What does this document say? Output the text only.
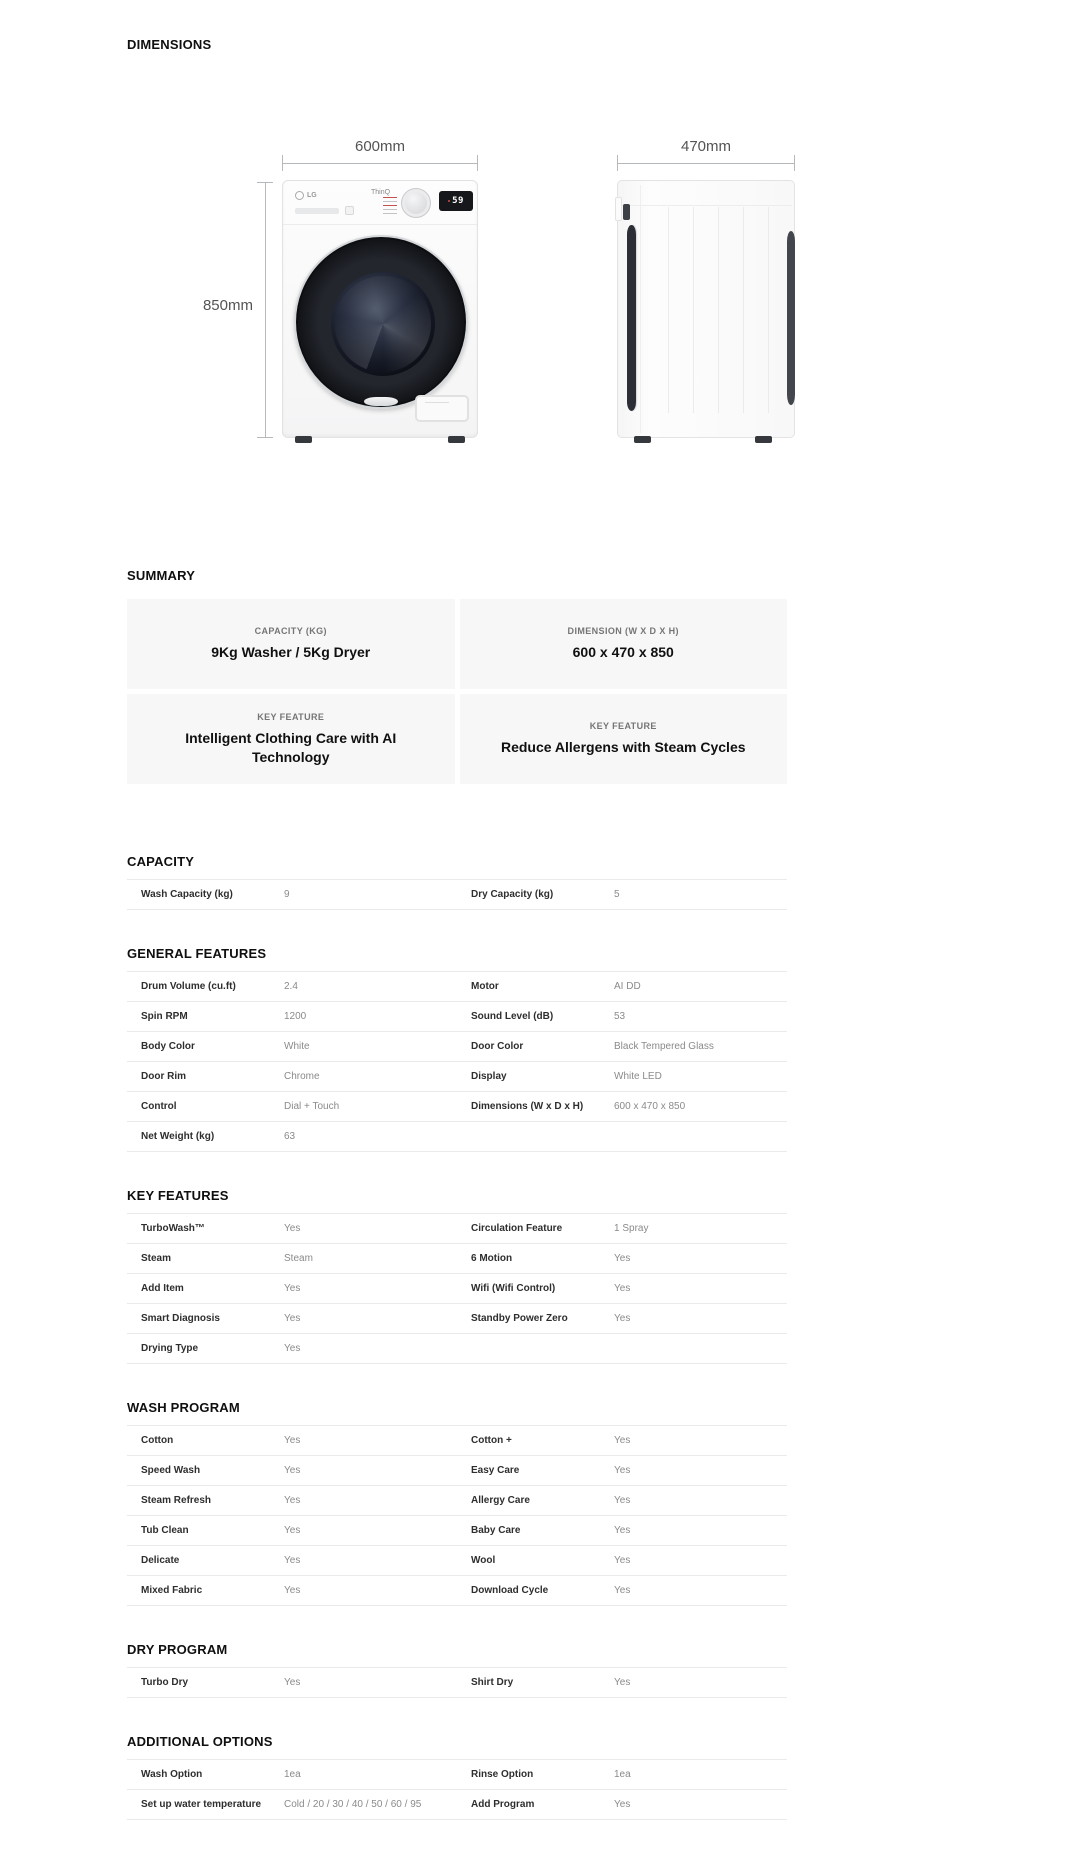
DIMENSIONS
600mm
850mm
470mm
LG	ThinQ
59
SUMMARY
CAPACITY (KG)
9Kg Washer / 5Kg Dryer
DIMENSION (W X D X H)
600 x 470 x 850
KEY FEATURE
Intelligent Clothing Care with AI Technology
KEY FEATURE
Reduce Allergens with Steam Cycles
CAPACITY
Wash Capacity (kg)	9	Dry Capacity (kg)	5
GENERAL FEATURES
Drum Volume (cu.ft)	2.4	Motor	AI DD
Spin RPM	1200	Sound Level (dB)	53
Body Color	White	Door Color	Black Tempered Glass
Door Rim	Chrome	Display	White LED
Control	Dial + Touch	Dimensions (W x D x H)	600 x 470 x 850
Net Weight (kg)	63
KEY FEATURES
TurboWash™	Yes	Circulation Feature	1 Spray
Steam	Steam	6 Motion	Yes
Add Item	Yes	Wifi (Wifi Control)	Yes
Smart Diagnosis	Yes	Standby Power Zero	Yes
Drying Type	Yes
WASH PROGRAM
Cotton	Yes	Cotton +	Yes
Speed Wash	Yes	Easy Care	Yes
Steam Refresh	Yes	Allergy Care	Yes
Tub Clean	Yes	Baby Care	Yes
Delicate	Yes	Wool	Yes
Mixed Fabric	Yes	Download Cycle	Yes
DRY PROGRAM
Turbo Dry	Yes	Shirt Dry	Yes
ADDITIONAL OPTIONS
Wash Option	1ea	Rinse Option	1ea
Set up water temperature	Cold / 20 / 30 / 40 / 50 / 60 / 95	Add Program	Yes
